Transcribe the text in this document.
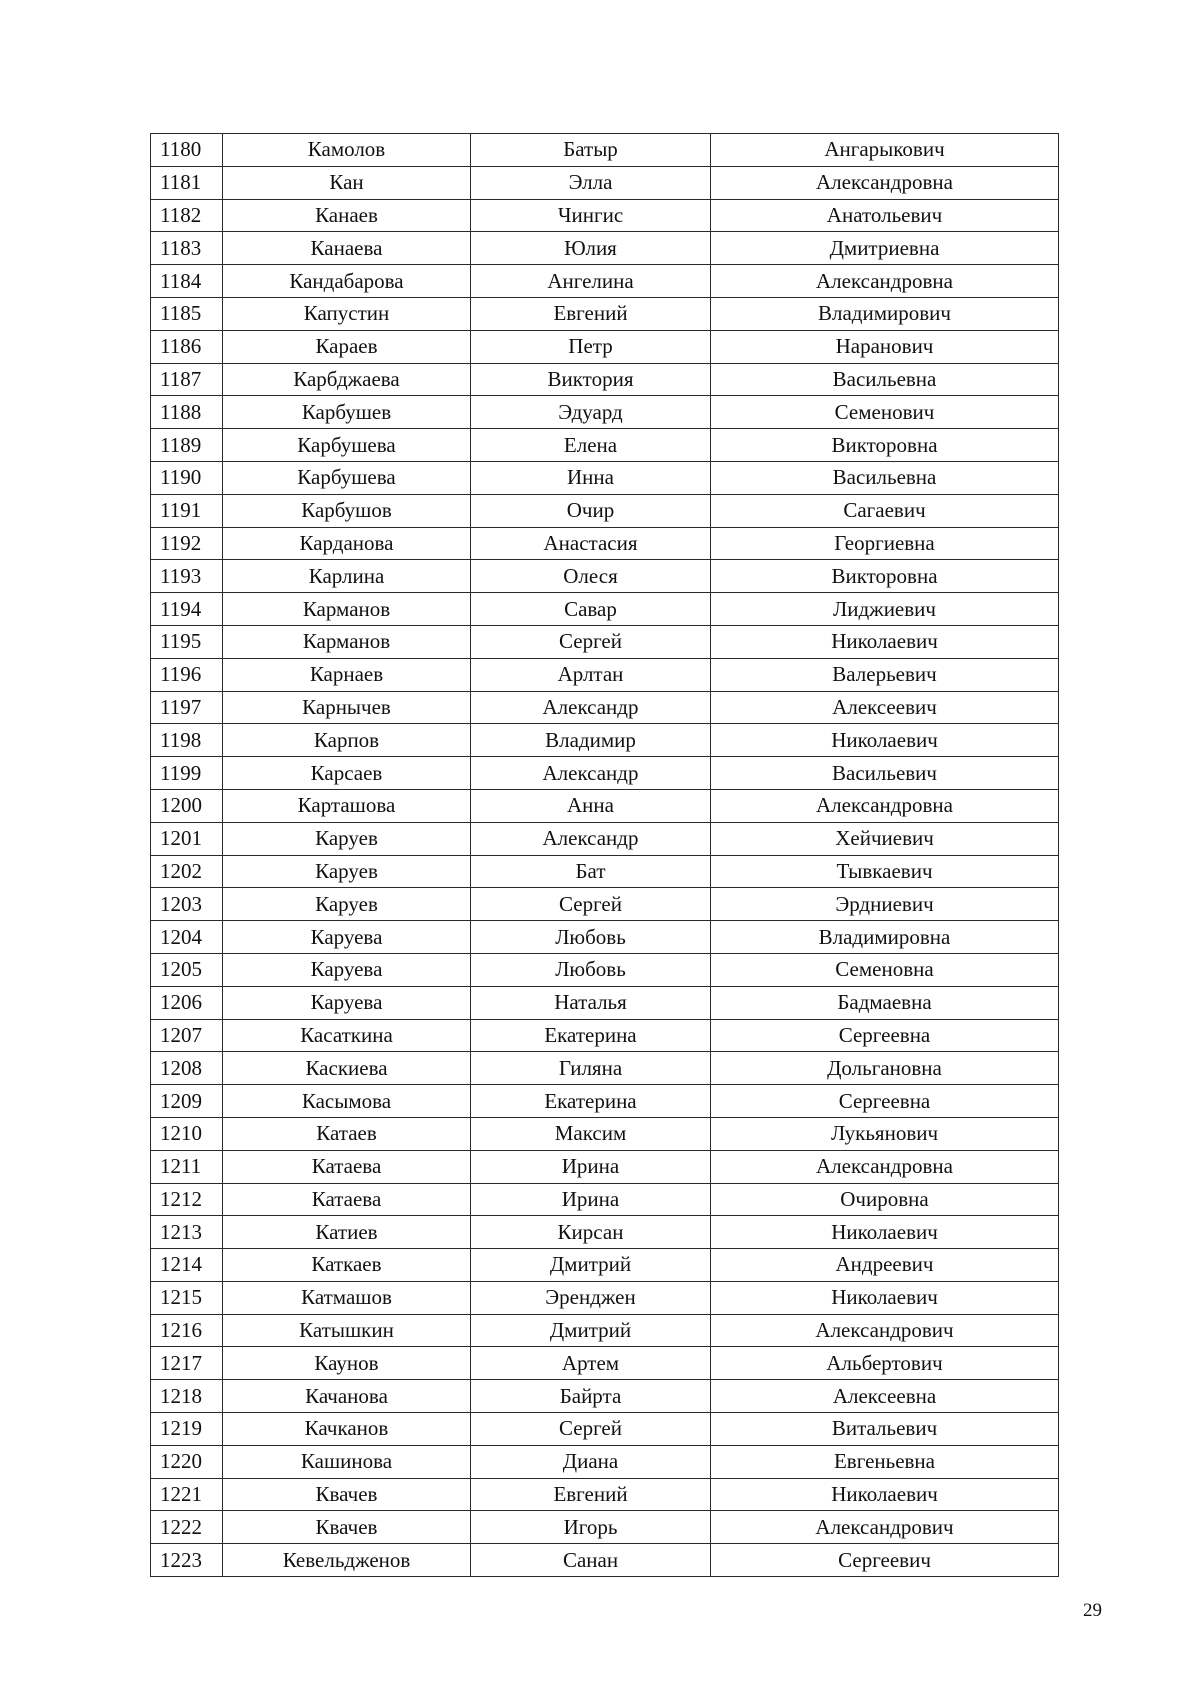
1180	Камолов	Батыр	Ангарыкович
1181	Кан	Элла	Александровна
1182	Канаев	Чингис	Анатольевич
1183	Канаева	Юлия	Дмитриевна
1184	Кандабарова	Ангелина	Александровна
1185	Капустин	Евгений	Владимирович
1186	Караев	Петр	Наранович
1187	Карбджаева	Виктория	Васильевна
1188	Карбушев	Эдуард	Семенович
1189	Карбушева	Елена	Викторовна
1190	Карбушева	Инна	Васильевна
1191	Карбушов	Очир	Сагаевич
1192	Карданова	Анастасия	Георгиевна
1193	Карлина	Олеся	Викторовна
1194	Карманов	Савар	Лиджиевич
1195	Карманов	Сергей	Николаевич
1196	Карнаев	Арлтан	Валерьевич
1197	Карнычев	Александр	Алексеевич
1198	Карпов	Владимир	Николаевич
1199	Карсаев	Александр	Васильевич
1200	Карташова	Анна	Александровна
1201	Каруев	Александр	Хейчиевич
1202	Каруев	Бат	Тывкаевич
1203	Каруев	Сергей	Эрдниевич
1204	Каруева	Любовь	Владимировна
1205	Каруева	Любовь	Семеновна
1206	Каруева	Наталья	Бадмаевна
1207	Касаткина	Екатерина	Сергеевна
1208	Каскиева	Гиляна	Дольгановна
1209	Касымова	Екатерина	Сергеевна
1210	Катаев	Максим	Лукьянович
1211	Катаева	Ирина	Александровна
1212	Катаева	Ирина	Очировна
1213	Катиев	Кирсан	Николаевич
1214	Каткаев	Дмитрий	Андреевич
1215	Катмашов	Эренджен	Николаевич
1216	Катышкин	Дмитрий	Александрович
1217	Каунов	Артем	Альбертович
1218	Качанова	Байрта	Алексеевна
1219	Качканов	Сергей	Витальевич
1220	Кашинова	Диана	Евгеньевна
1221	Квачев	Евгений	Николаевич
1222	Квачев	Игорь	Александрович
1223	Кевельдженов	Санан	Сергеевич
29
